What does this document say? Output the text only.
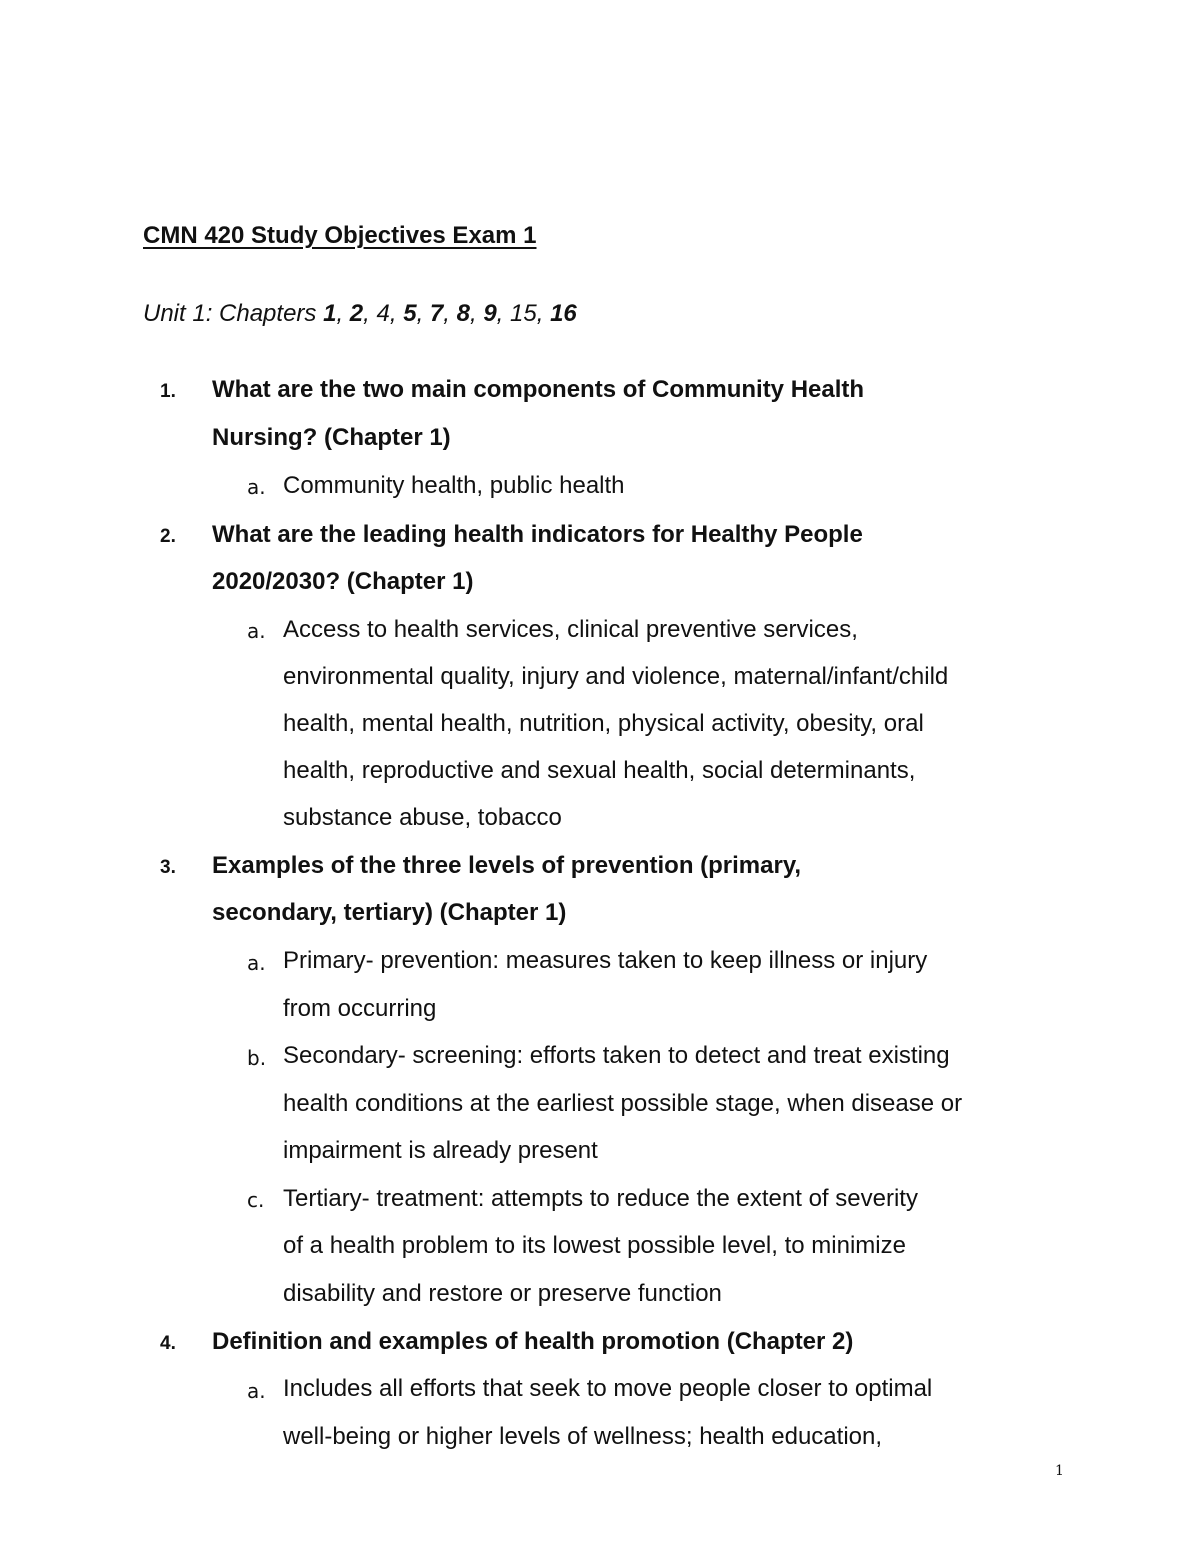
CMN 420 Study Objectives Exam 1
Unit 1: Chapters 1, 2, 4, 5, 7, 8, 9, 15, 16
1. What are the two main components of Community Health
Nursing? (Chapter 1)
a. Community health, public health
2. What are the leading health indicators for Healthy People
2020/2030? (Chapter 1)
a. Access to health services, clinical preventive services,
environmental quality, injury and violence, maternal/infant/child
health, mental health, nutrition, physical activity, obesity, oral
health, reproductive and sexual health, social determinants,
substance abuse, tobacco
3. Examples of the three levels of prevention (primary,
secondary, tertiary) (Chapter 1)
a. Primary- prevention: measures taken to keep illness or injury
from occurring
b. Secondary- screening: efforts taken to detect and treat existing
health conditions at the earliest possible stage, when disease or
impairment is already present
c. Tertiary- treatment: attempts to reduce the extent of severity
of a health problem to its lowest possible level, to minimize
disability and restore or preserve function
4. Definition and examples of health promotion (Chapter 2)
a. Includes all efforts that seek to move people closer to optimal
well-being or higher levels of wellness; health education,
1
